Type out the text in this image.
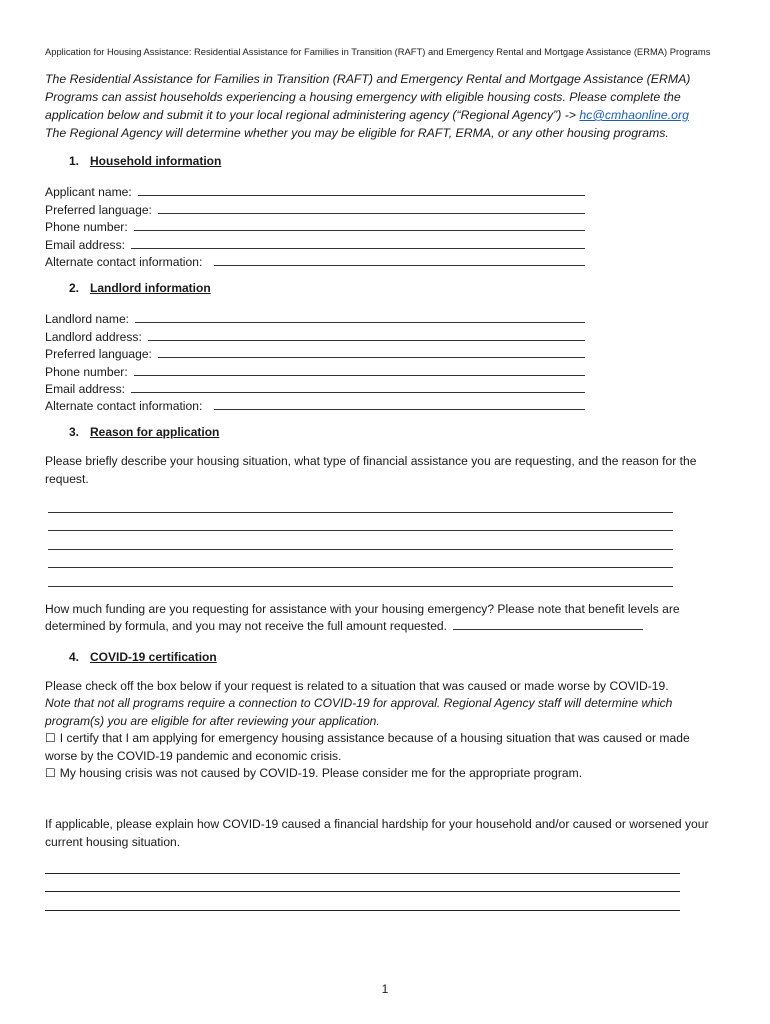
Application for Housing Assistance: Residential Assistance for Families in Transition (RAFT) and Emergency Rental and Mortgage Assistance (ERMA) Programs
The Residential Assistance for Families in Transition (RAFT) and Emergency Rental and Mortgage Assistance (ERMA) Programs can assist households experiencing a housing emergency with eligible housing costs. Please complete the application below and submit it to your local regional administering agency (“Regional Agency”) -> hc@cmhaonline.org
The Regional Agency will determine whether you may be eligible for RAFT, ERMA, or any other housing programs.
1. Household information
Applicant name:
Preferred language:
Phone number:
Email address:
Alternate contact information:
2. Landlord information
Landlord name:
Landlord address:
Preferred language:
Phone number:
Email address:
Alternate contact information:
3. Reason for application

Please briefly describe your housing situation, what type of financial assistance you are requesting, and the reason for the request.

How much funding are you requesting for assistance with your housing emergency? Please note that benefit levels are determined by formula, and you may not receive the full amount requested.

4. COVID-19 certification

Please check off the box below if your request is related to a situation that was caused or made worse by COVID-19.

Note that not all programs require a connection to COVID-19 for approval. Regional Agency staff will determine which program(s) you are eligible for after reviewing your application.

☐ I certify that I am applying for emergency housing assistance because of a housing situation that was caused or made worse by the COVID-19 pandemic and economic crisis.

☐ My housing crisis was not caused by COVID-19. Please consider me for the appropriate program.

If applicable, please explain how COVID-19 caused a financial hardship for your household and/or caused or worsened your current housing situation.

1
